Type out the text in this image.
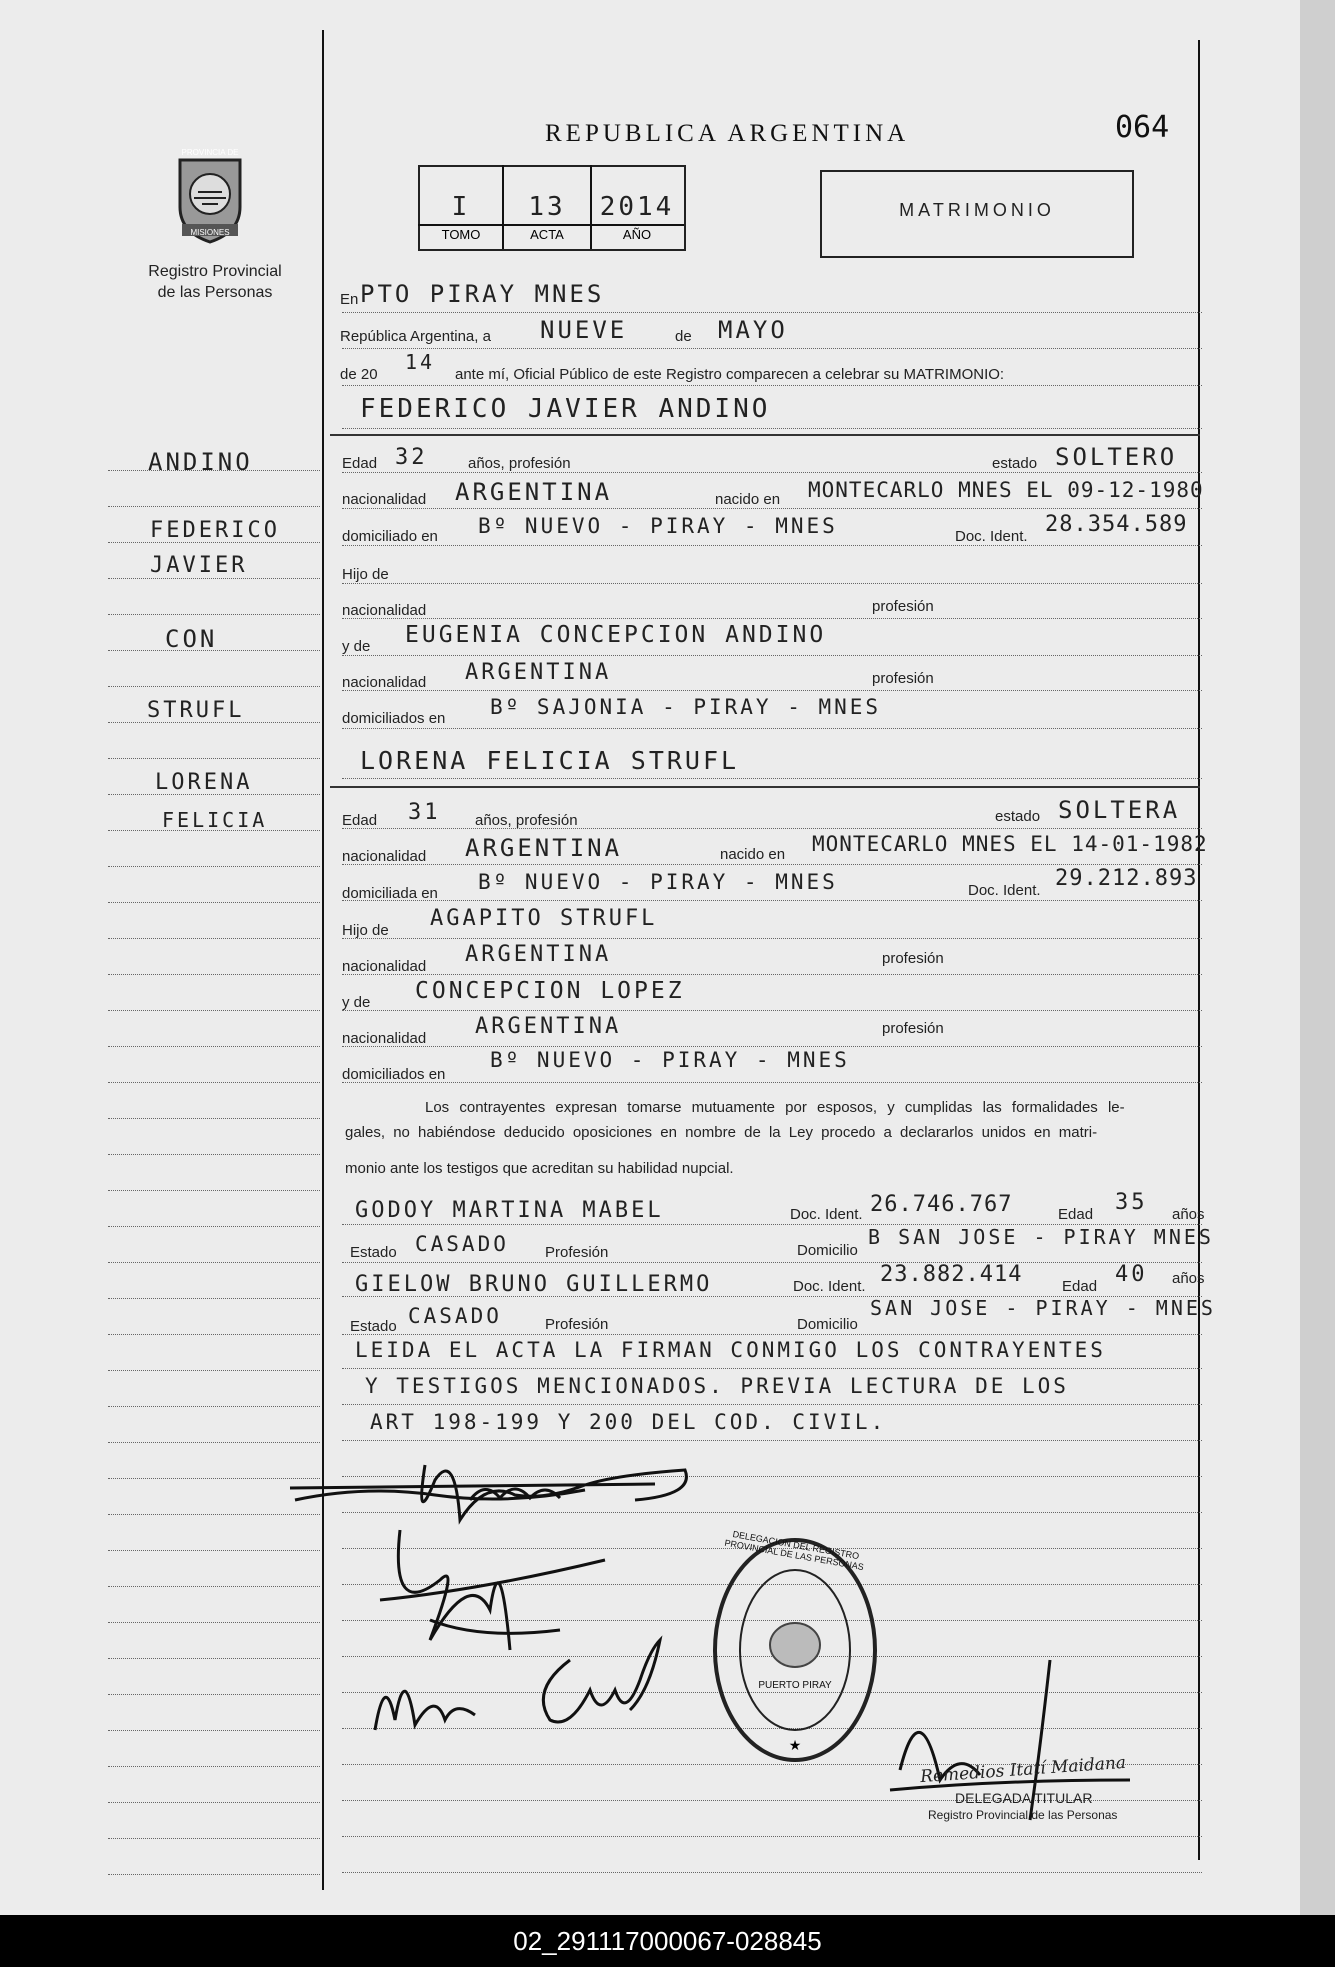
REPUBLICA ARGENTINA	064
PROVINCIA DE
MISIONES
Registro Provincial
de las Personas
I	13	2014
TOMO	ACTA	AÑO
MATRIMONIO
ANDINO
FEDERICO
JAVIER
CON
STRUFL
LORENA
FELICIA
En PTO PIRAY MNES
República Argentina, a NUEVE	de MAYO
de 20
14
ante mí, Oficial Público de este Registro comparecen a celebrar su MATRIMONIO:
FEDERICO JAVIER ANDINO
Edad 32	años, profesión	estado SOLTERO
nacionalidad ARGENTINA	nacido en MONTECARLO MNES EL 09-12-1980
domiciliado en Bº NUEVO - PIRAY - MNES	Doc. Ident. 28.354.589
Hijo de
nacionalidad	profesión
y de EUGENIA CONCEPCION ANDINO
nacionalidad ARGENTINA	profesión
domiciliados en Bº SAJONIA - PIRAY - MNES
LORENA FELICIA STRUFL
Edad 31 años, profesión	estado SOLTERA
nacionalidad ARGENTINA	nacido en MONTECARLO MNES EL 14-01-1982
domiciliada en Bº NUEVO - PIRAY - MNES	Doc. Ident. 29.212.893
Hijo de AGAPITO STRUFL
nacionalidad ARGENTINA	profesión
y de CONCEPCION LOPEZ
nacionalidad ARGENTINA	profesión
domiciliados en
Bº NUEVO - PIRAY - MNES
Los contrayentes expresan tomarse mutuamente por esposos, y cumplidas las formalidades le-
gales, no habiéndose deducido oposiciones en nombre de la Ley procedo a declararlos unidos en matri-
monio ante los testigos que acreditan su habilidad nupcial.
GODOY MARTINA MABEL	Doc. Ident. 26.746.767	Edad 35 años
Estado CASADO Profesión	Domicilio
B SAN JOSE - PIRAY MNES
GIELOW BRUNO GUILLERMO	Doc. Ident. 23.882.414	Edad 40 años
Estado CASADO	Profesión	Domicilio
SAN JOSE - PIRAY - MNES
LEIDA EL ACTA LA FIRMAN CONMIGO LOS CONTRAYENTES
Y TESTIGOS MENCIONADOS. PREVIA LECTURA DE LOS
ART 198-199 Y 200 DEL COD. CIVIL.
★
DELEGACION DEL REGISTRO PROVINCIAL DE LAS PERSONAS
PUERTO PIRAY
Remedios Itatí Maidana
DELEGADA TITULAR
Registro Provincial de las Personas
02_291117000067-028845
